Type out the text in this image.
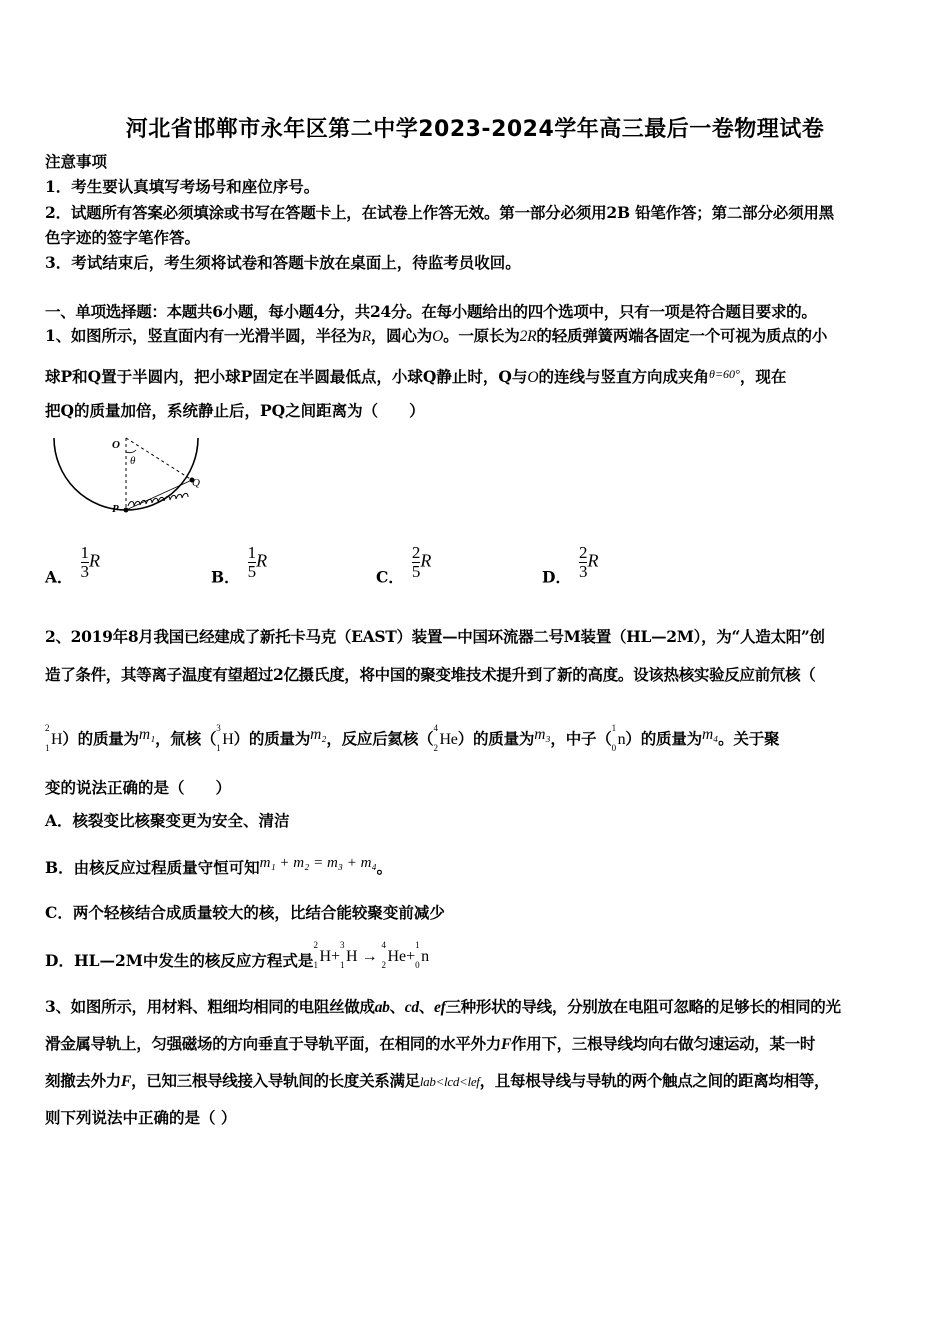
河北省邯郸市永年区第二中学2023-2024学年高三最后一卷物理试卷
注意事项
1．考生要认真填写考场号和座位序号。
2．试题所有答案必须填涂或书写在答题卡上，在试卷上作答无效。第一部分必须用2B 铅笔作答；第二部分必须用黑
色字迹的签字笔作答。
3．考试结束后，考生须将试卷和答题卡放在桌面上，待监考员收回。
一、单项选择题：本题共6小题，每小题4分，共24分。在每小题给出的四个选项中，只有一项是符合题目要求的。
1、如图所示，竖直面内有一光滑半圆，半径为R，圆心为O。一原长为2R的轻质弹簧两端各固定一个可视为质点的小
球P和Q置于半圆内，把小球P固定在半圆最低点，小球Q静止时，Q与O的连线与竖直方向成夹角$^{\theta=60^\circ}$，现在
把Q的质量加倍，系统静止后，PQ之间距离为（　　）
O
θ
P
Q
A． $\frac{1}{3}$ R
B． $\frac{1}{5}$ R
C． $\frac{2}{5}$ R
D． $\frac{2}{3}$ R
2、2019年8月我国已经建成了新托卡马克（EAST）装置—中国环流器二号M装置（HL—2M），为“人造太阳”创
造了条件，其等离子温度有望超过2亿摄氏度，将中国的聚变堆技术提升到了新的高度。设该热核实验反应前氘核（
2
1 H）的质量为m₁，氚核（
3
1 H）的质量为m₂，反应后氦核（
4
2 He）的质量为m₃，中子（
1
0 n）的质量为m₄。关于聚
变的说法正确的是（　　）
A．核裂变比核聚变更为安全、清洁
B．由核反应过程质量守恒可知m₁ + m₂ = m₃ + m₄。
C．两个轻核结合成质量较大的核，比结合能较聚变前减少
D．HL—2M中发生的核反应方程式是
2
1 H+
3
1 H →
4
2 He+
1
0 n
3、如图所示，用材料、粗细均相同的电阻丝做成ab、cd、ef三种形状的导线，分别放在电阻可忽略的足够长的相同的光
滑金属导轨上，匀强磁场的方向垂直于导轨平面，在相同的水平外力F作用下，三根导线均向右做匀速运动，某一时
刻撤去外力F，已知三根导线接入导轨间的长度关系满足lab<lcd<lef，且每根导线与导轨的两个触点之间的距离均相等，
则下列说法中正确的是（ ）
